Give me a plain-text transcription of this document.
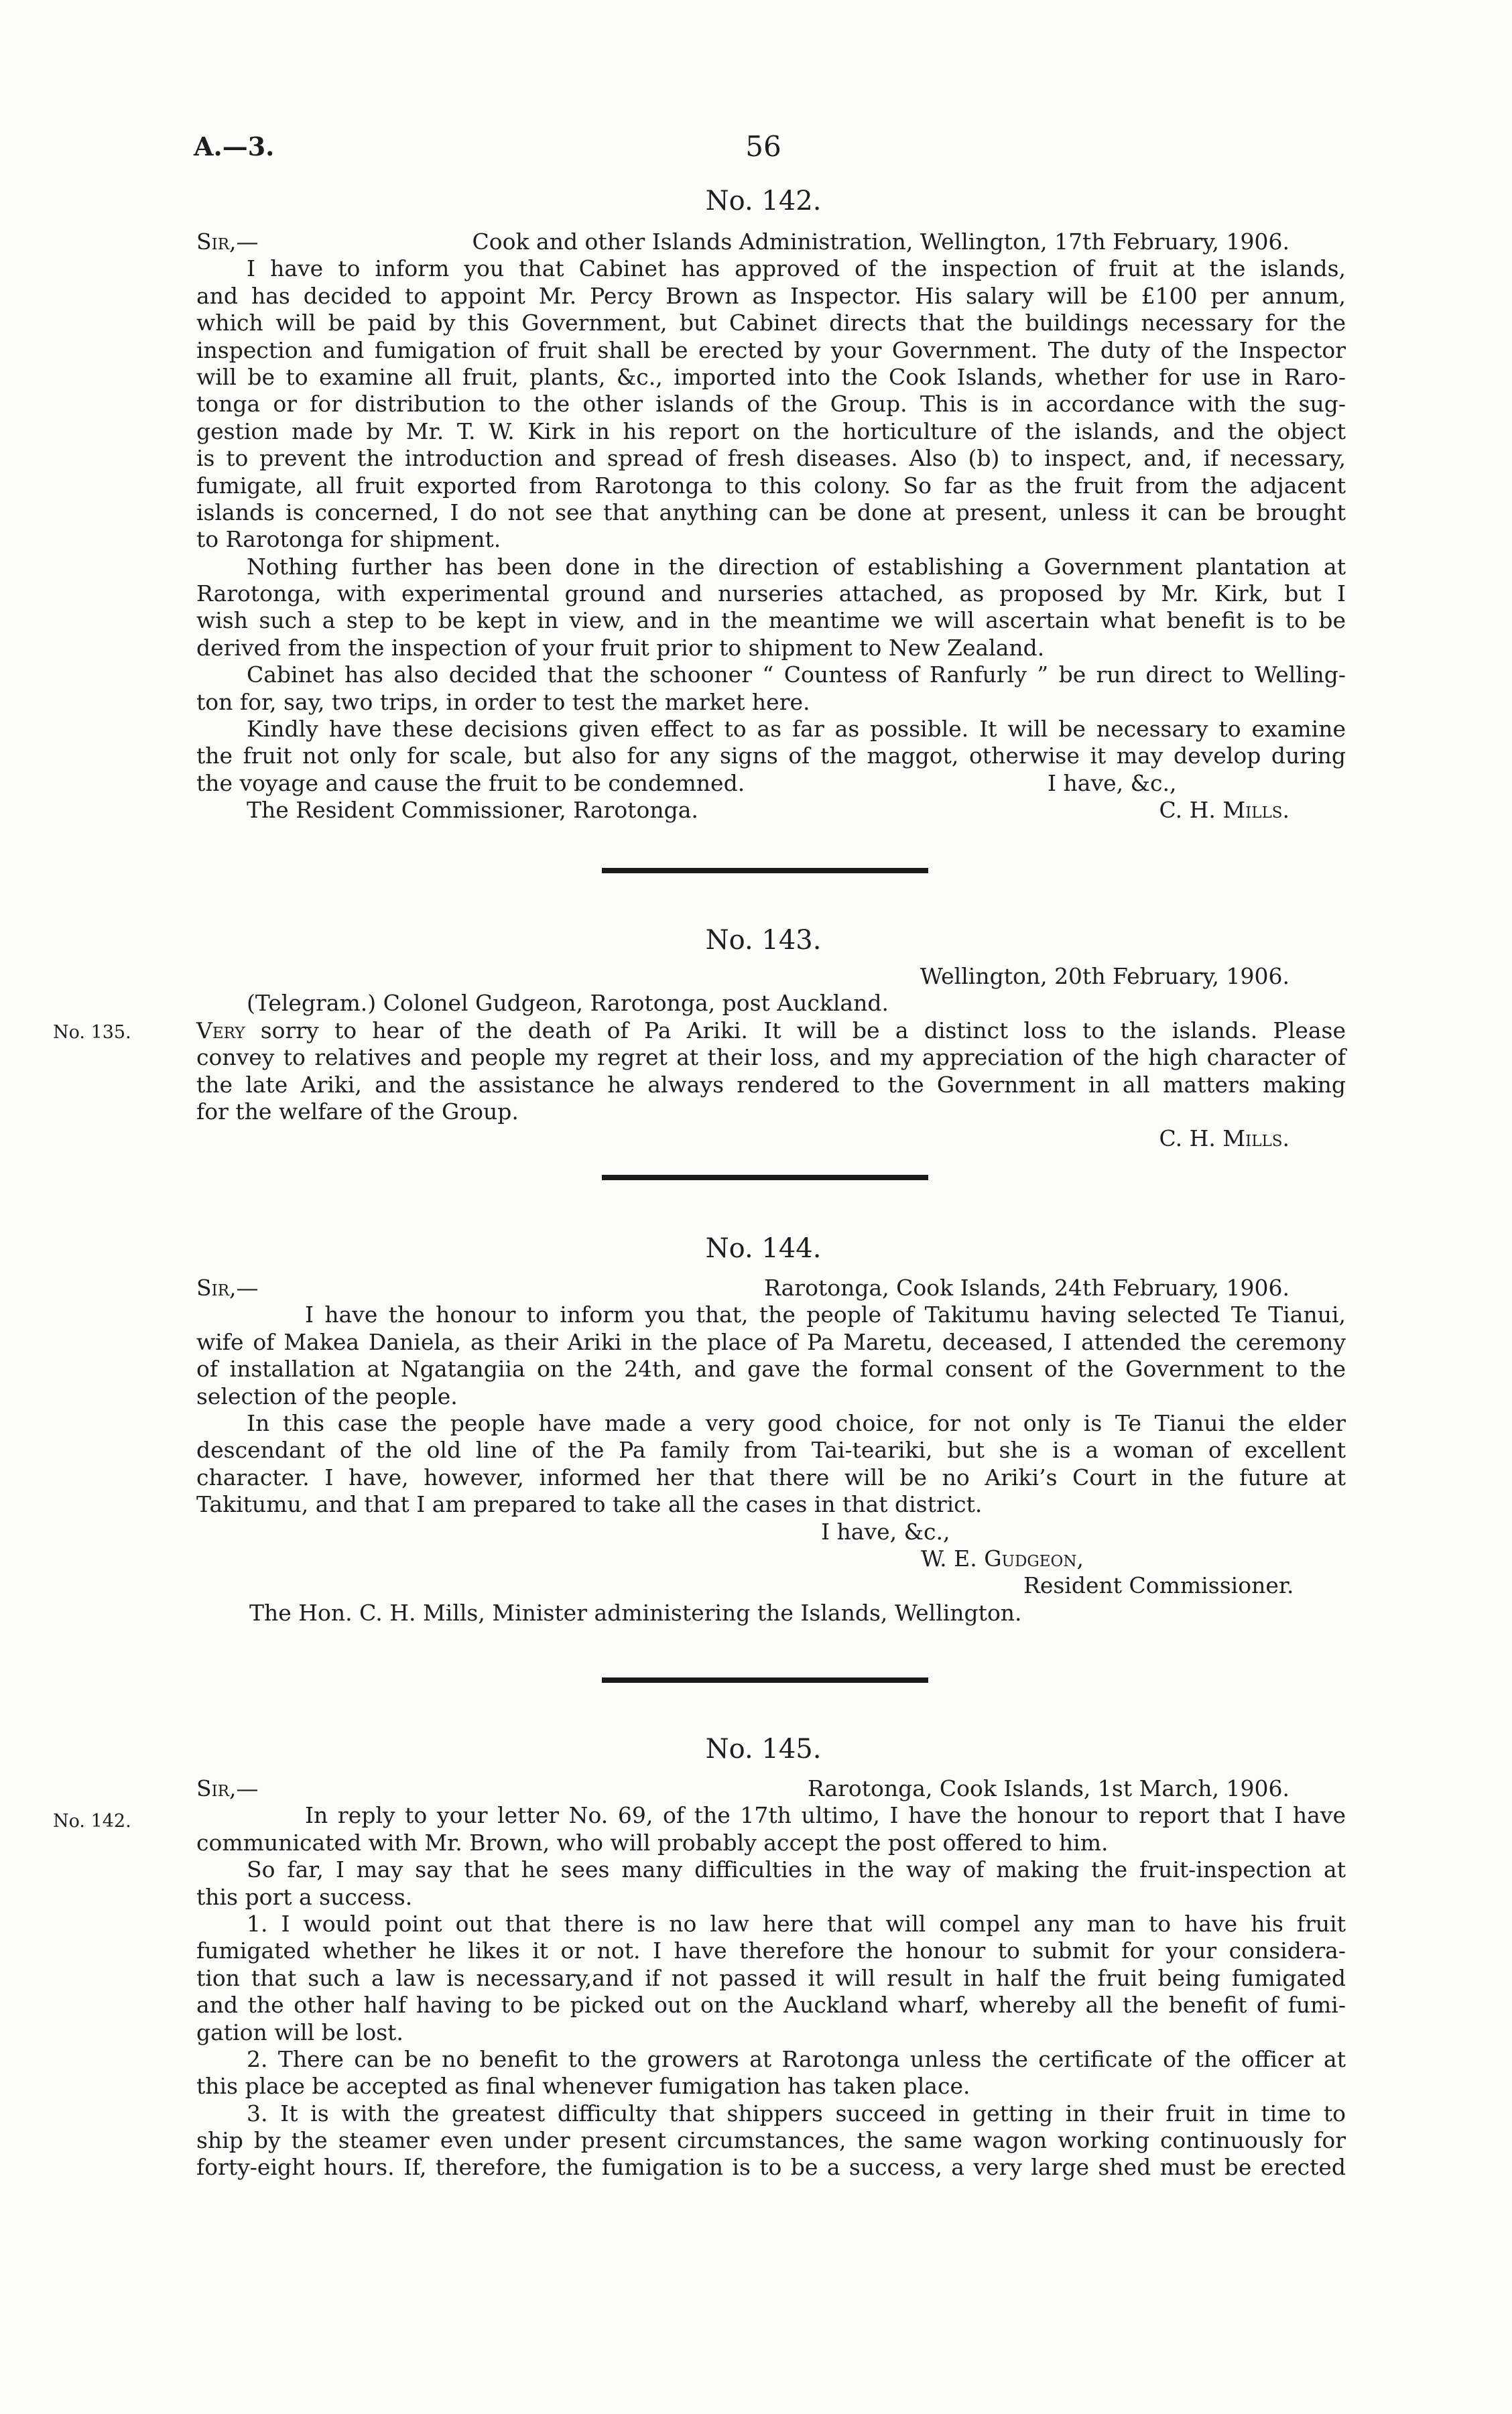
A.—3.	56
No. 142.
Sir,—	Cook and other Islands Administration, Wellington, 17th February, 1906.
I have to inform you that Cabinet has approved of the inspection of fruit at the islands,
and has decided to appoint Mr. Percy Brown as Inspector. His salary will be £100 per annum,
which will be paid by this Government, but Cabinet directs that the buildings necessary for the
inspection and fumigation of fruit shall be erected by your Government. The duty of the Inspector
will be to examine all fruit, plants, &c., imported into the Cook Islands, whether for use in Raro-
tonga or for distribution to the other islands of the Group. This is in accordance with the sug-
gestion made by Mr. T. W. Kirk in his report on the horticulture of the islands, and the object
is to prevent the introduction and spread of fresh diseases. Also (b) to inspect, and, if necessary,
fumigate, all fruit exported from Rarotonga to this colony. So far as the fruit from the adjacent
islands is concerned, I do not see that anything can be done at present, unless it can be brought
to Rarotonga for shipment.
Nothing further has been done in the direction of establishing a Government plantation at
Rarotonga, with experimental ground and nurseries attached, as proposed by Mr. Kirk, but I
wish such a step to be kept in view, and in the meantime we will ascertain what benefit is to be
derived from the inspection of your fruit prior to shipment to New Zealand.
Cabinet has also decided that the schooner “ Countess of Ranfurly ” be run direct to Welling-
ton for, say, two trips, in order to test the market here.
Kindly have these decisions given effect to as far as possible. It will be necessary to examine
the fruit not only for scale, but also for any signs of the maggot, otherwise it may develop during
the voyage and cause the fruit to be condemned.	I have, &c.,
The Resident Commissioner, Rarotonga.	C. H. Mills.
No. 143.
No. 135.
Wellington, 20th February, 1906.
(Telegram.) Colonel Gudgeon, Rarotonga, post Auckland.
Very sorry to hear of the death of Pa Ariki. It will be a distinct loss to the islands. Please
convey to relatives and people my regret at their loss, and my appreciation of the high character of
the late Ariki, and the assistance he always rendered to the Government in all matters making
for the welfare of the Group.
C. H. Mills.
No. 144.
Sir,—	Rarotonga, Cook Islands, 24th February, 1906.
I have the honour to inform you that, the people of Takitumu having selected Te Tianui,
wife of Makea Daniela, as their Ariki in the place of Pa Maretu, deceased, I attended the ceremony
of installation at Ngatangiia on the 24th, and gave the formal consent of the Government to the
selection of the people.
In this case the people have made a very good choice, for not only is Te Tianui the elder
descendant of the old line of the Pa family from Tai-teariki, but she is a woman of excellent
character. I have, however, informed her that there will be no Ariki’s Court in the future at
Takitumu, and that I am prepared to take all the cases in that district.
I have, &c.,
W. E. Gudgeon,
Resident Commissioner.
The Hon. C. H. Mills, Minister administering the Islands, Wellington.
No. 145.
No. 142.
Sir,—	Rarotonga, Cook Islands, 1st March, 1906.
In reply to your letter No. 69, of the 17th ultimo, I have the honour to report that I have
communicated with Mr. Brown, who will probably accept the post offered to him.
So far, I may say that he sees many difficulties in the way of making the fruit-inspection at
this port a success.
1. I would point out that there is no law here that will compel any man to have his fruit
fumigated whether he likes it or not. I have therefore the honour to submit for your considera-
tion that such a law is necessary,and if not passed it will result in half the fruit being fumigated
and the other half having to be picked out on the Auckland wharf, whereby all the benefit of fumi-
gation will be lost.
2. There can be no benefit to the growers at Rarotonga unless the certificate of the officer at
this place be accepted as final whenever fumigation has taken place.
3. It is with the greatest difficulty that shippers succeed in getting in their fruit in time to
ship by the steamer even under present circumstances, the same wagon working continuously for
forty-eight hours. If, therefore, the fumigation is to be a success, a very large shed must be erected
